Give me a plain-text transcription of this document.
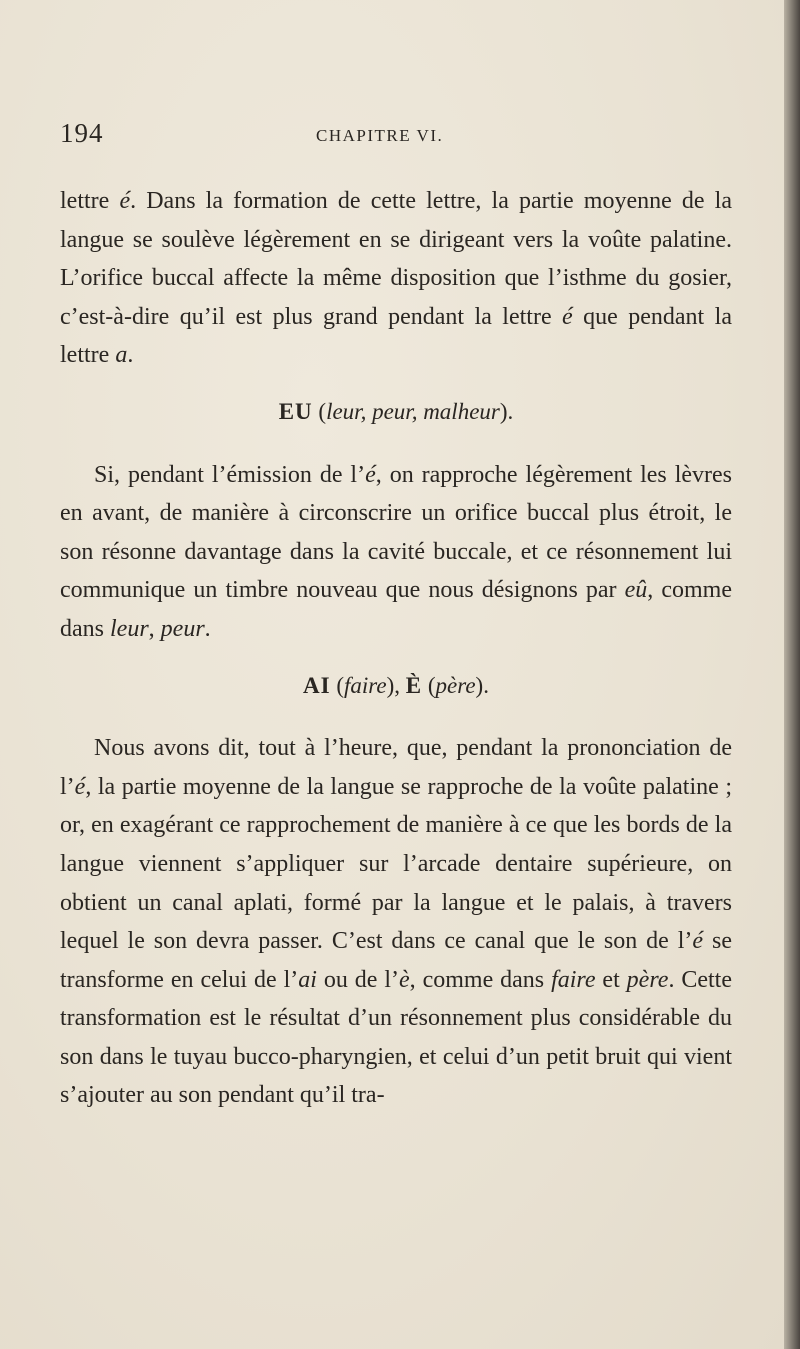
194	CHAPITRE VI.

lettre é. Dans la formation de cette lettre, la partie moyenne de la langue se soulève légèrement en se dirigeant vers la voûte palatine. L’orifice buccal affecte la même disposition que l’isthme du gosier, c’est-à-dire qu’il est plus grand pendant la lettre é que pendant la lettre a.

EU (leur, peur, malheur).

Si, pendant l’émission de l’é, on rapproche légèrement les lèvres en avant, de manière à circonscrire un orifice buccal plus étroit, le son résonne davantage dans la cavité buccale, et ce résonnement lui communique un timbre nouveau que nous désignons par eû, comme dans leur, peur.

AI (faire), È (père).

Nous avons dit, tout à l’heure, que, pendant la prononciation de l’é, la partie moyenne de la langue se rapproche de la voûte palatine ; or, en exagérant ce rapprochement de manière à ce que les bords de la langue viennent s’appliquer sur l’arcade dentaire supérieure, on obtient un canal aplati, formé par la langue et le palais, à travers lequel le son devra passer. C’est dans ce canal que le son de l’é se transforme en celui de l’ai ou de l’è, comme dans faire et père. Cette transformation est le résultat d’un résonnement plus considérable du son dans le tuyau bucco-pharyngien, et celui d’un petit bruit qui vient s’ajouter au son pendant qu’il tra-
